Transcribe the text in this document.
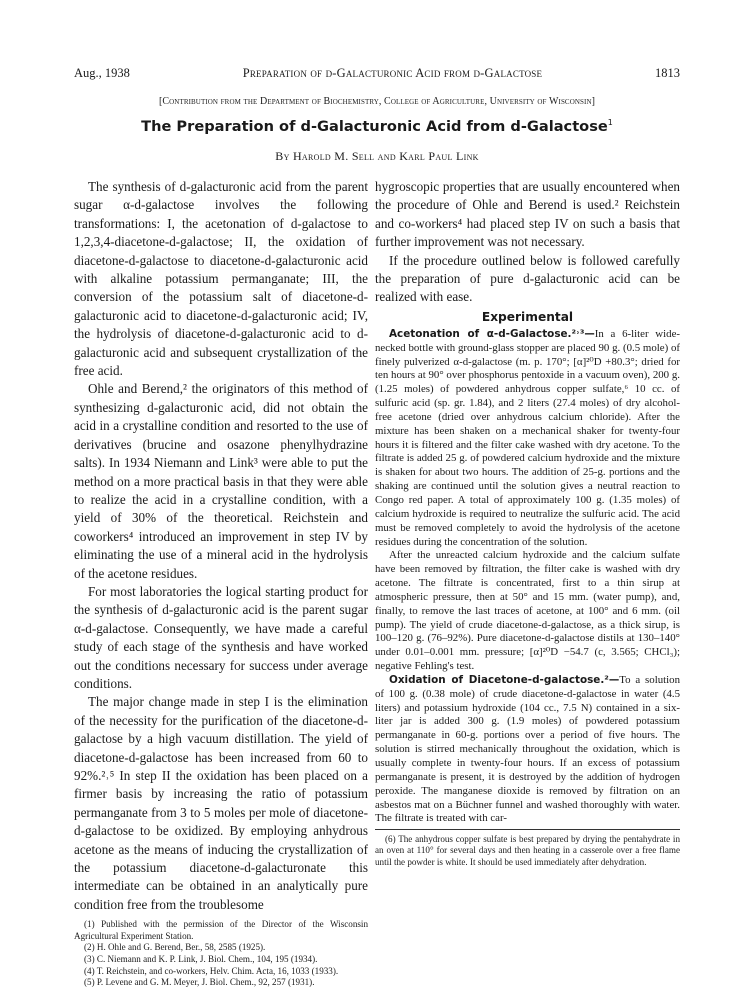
Aug., 1938	Preparation of d-Galacturonic Acid from d-Galactose	1813
[Contribution from the Department of Biochemistry, College of Agriculture, University of Wisconsin]
The Preparation of d-Galacturonic Acid from d-Galactose$^1$
By Harold M. Sell and Karl Paul Link

The synthesis of d-galacturonic acid from the parent sugar α-d-galactose involves the following transformations: I, the acetonation of d-galactose to 1,2,3,4-diacetone-d-galactose; II, the oxidation of diacetone-d-galactose to diacetone-d-galacturonic acid with alkaline potassium permanganate; III, the conversion of the potassium salt of diacetone-d-galacturonic acid to diacetone-d-galacturonic acid; IV, the hydrolysis of diacetone-d-galacturonic acid to d-galacturonic acid and subsequent crystallization of the free acid.

Ohle and Berend,² the originators of this method of synthesizing d-galacturonic acid, did not obtain the acid in a crystalline condition and resorted to the use of derivatives (brucine and osazone phenylhydrazine salts). In 1934 Niemann and Link³ were able to put the method on a more practical basis in that they were able to realize the acid in a crystalline condition, with a yield of 30% of the theoretical. Reichstein and coworkers⁴ introduced an improvement in step IV by eliminating the use of a mineral acid in the hydrolysis of the acetone residues.

For most laboratories the logical starting product for the synthesis of d-galacturonic acid is the parent sugar α-d-galactose. Consequently, we have made a careful study of each stage of the synthesis and have worked out the conditions necessary for success under average conditions.

The major change made in step I is the elimination of the necessity for the purification of the diacetone-d-galactose by a high vacuum distillation. The yield of diacetone-d-galactose has been increased from 60 to 92%.²˒⁵ In step II the oxidation has been placed on a firmer basis by increasing the ratio of potassium permanganate from 3 to 5 moles per mole of diacetone-d-galactose to be oxidized. By employing anhydrous acetone as the means of inducing the crystallization of the potassium diacetone-d-galacturonate this intermediate can be obtained in an analytically pure condition free from the troublesome

(1) Published with the permission of the Director of the Wisconsin Agricultural Experiment Station.

(2) H. Ohle and G. Berend, Ber., 58, 2585 (1925).

(3) C. Niemann and K. P. Link, J. Biol. Chem., 104, 195 (1934).

(4) T. Reichstein, and co-workers, Helv. Chim. Acta, 16, 1033 (1933).

(5) P. Levene and G. M. Meyer, J. Biol. Chem., 92, 257 (1931).

hygroscopic properties that are usually encountered when the procedure of Ohle and Berend is used.² Reichstein and co-workers⁴ had placed step IV on such a basis that further improvement was not necessary.

If the procedure outlined below is followed carefully the preparation of pure d-galacturonic acid can be realized with ease.

Experimental

Acetonation of α-d-Galactose.²˒³—In a 6-liter wide-necked bottle with ground-glass stopper are placed 90 g. (0.5 mole) of finely pulverized α-d-galactose (m. p. 170°; [α]²⁰D +80.3°; dried for ten hours at 90° over phosphorus pentoxide in a vacuum oven), 200 g. (1.25 moles) of powdered anhydrous copper sulfate,⁶ 10 cc. of sulfuric acid (sp. gr. 1.84), and 2 liters (27.4 moles) of dry alcohol-free acetone (dried over anhydrous calcium chloride). After the mixture has been shaken on a mechanical shaker for twenty-four hours it is filtered and the filter cake washed with dry acetone. To the filtrate is added 25 g. of powdered calcium hydroxide and the mixture is shaken for about two hours. The addition of 25-g. portions and the shaking are continued until the solution gives a neutral reaction to Congo red paper. A total of approximately 100 g. (1.35 moles) of calcium hydroxide is required to neutralize the sulfuric acid. The acid must be removed completely to avoid the hydrolysis of the acetone residues during the concentration of the solution.

After the unreacted calcium hydroxide and the calcium sulfate have been removed by filtration, the filter cake is washed with dry acetone. The filtrate is concentrated, first to a thin sirup at atmospheric pressure, then at 50° and 15 mm. (water pump), and, finally, to remove the last traces of acetone, at 100° and 6 mm. (oil pump). The yield of crude diacetone-d-galactose, as a thick sirup, is 100–120 g. (76–92%). Pure diacetone-d-galactose distils at 130–140° under 0.01–0.001 mm. pressure; [α]²⁰D −54.7 (c, 3.565; CHCl₃); negative Fehling's test.

Oxidation of Diacetone-d-galactose.²—To a solution of 100 g. (0.38 mole) of crude diacetone-d-galactose in water (4.5 liters) and potassium hydroxide (104 cc., 7.5 N) contained in a six-liter jar is added 300 g. (1.9 moles) of powdered potassium permanganate in 60-g. portions over a period of five hours. The solution is stirred mechanically throughout the oxidation, which is usually complete in twenty-four hours. If an excess of potassium permanganate is present, it is destroyed by the addition of hydrogen peroxide. The manganese dioxide is removed by filtration on an asbestos mat on a Büchner funnel and washed thoroughly with water. The filtrate is treated with car-

(6) The anhydrous copper sulfate is best prepared by drying the pentahydrate in an oven at 110° for several days and then heating in a casserole over a free flame until the powder is white. It should be used immediately after dehydration.
